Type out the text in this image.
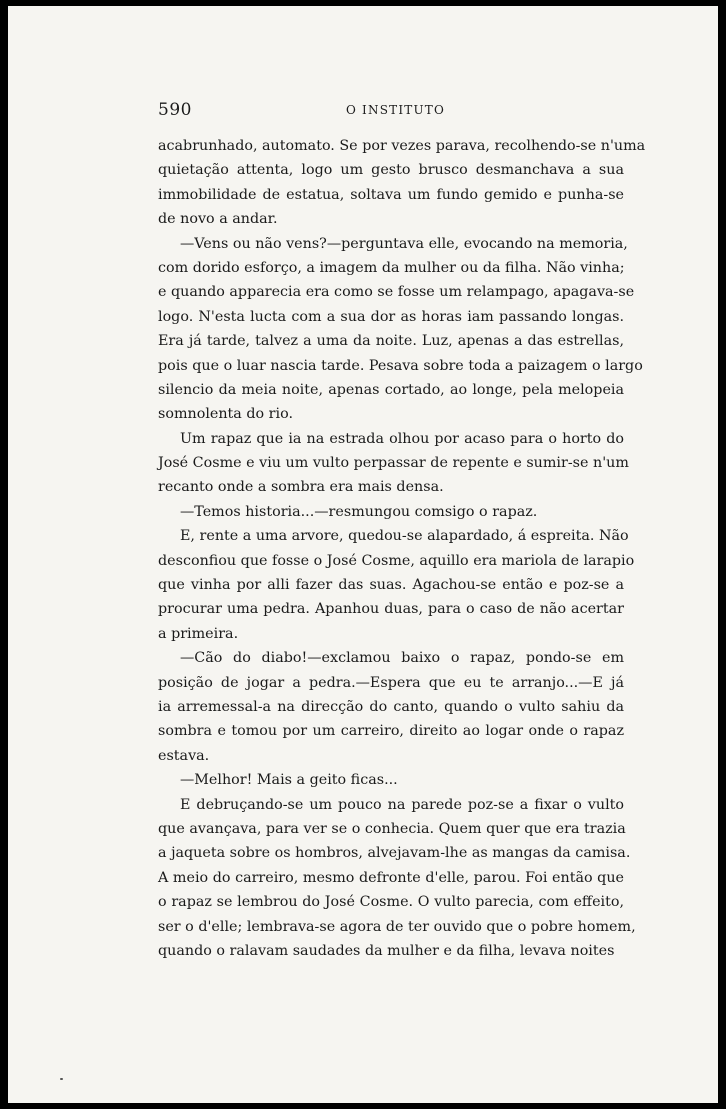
590	O INSTITUTO
acabrunhado, automato. Se por vezes parava, recolhendo-se n'uma
quietação attenta, logo um gesto brusco desmanchava a sua
immobilidade de estatua, soltava um fundo gemido e punha-se
de novo a andar.
—Vens ou não vens?—perguntava elle, evocando na memoria,
com dorido esforço, a imagem da mulher ou da filha. Não vinha;
e quando apparecia era como se fosse um relampago, apagava-se
logo. N'esta lucta com a sua dor as horas iam passando longas.
Era já tarde, talvez a uma da noite. Luz, apenas a das estrellas,
pois que o luar nascia tarde. Pesava sobre toda a paizagem o largo
silencio da meia noite, apenas cortado, ao longe, pela melopeia
somnolenta do rio.
Um rapaz que ia na estrada olhou por acaso para o horto do
José Cosme e viu um vulto perpassar de repente e sumir-se n'um
recanto onde a sombra era mais densa.
—Temos historia...—resmungou comsigo o rapaz.
E, rente a uma arvore, quedou-se alapardado, á espreita. Não
desconfiou que fosse o José Cosme, aquillo era mariola de larapio
que vinha por alli fazer das suas. Agachou-se então e poz-se a
procurar uma pedra. Apanhou duas, para o caso de não acertar
a primeira.
—Cão do diabo!—exclamou baixo o rapaz, pondo-se em
posição de jogar a pedra.—Espera que eu te arranjo...—E já
ia arremessal-a na direcção do canto, quando o vulto sahiu da
sombra e tomou por um carreiro, direito ao logar onde o rapaz
estava.
—Melhor! Mais a geito ficas...
E debruçando-se um pouco na parede poz-se a fixar o vulto
que avançava, para ver se o conhecia. Quem quer que era trazia
a jaqueta sobre os hombros, alvejavam-lhe as mangas da camisa.
A meio do carreiro, mesmo defronte d'elle, parou. Foi então que
o rapaz se lembrou do José Cosme. O vulto parecia, com effeito,
ser o d'elle; lembrava-se agora de ter ouvido que o pobre homem,
quando o ralavam saudades da mulher e da filha, levava noites
